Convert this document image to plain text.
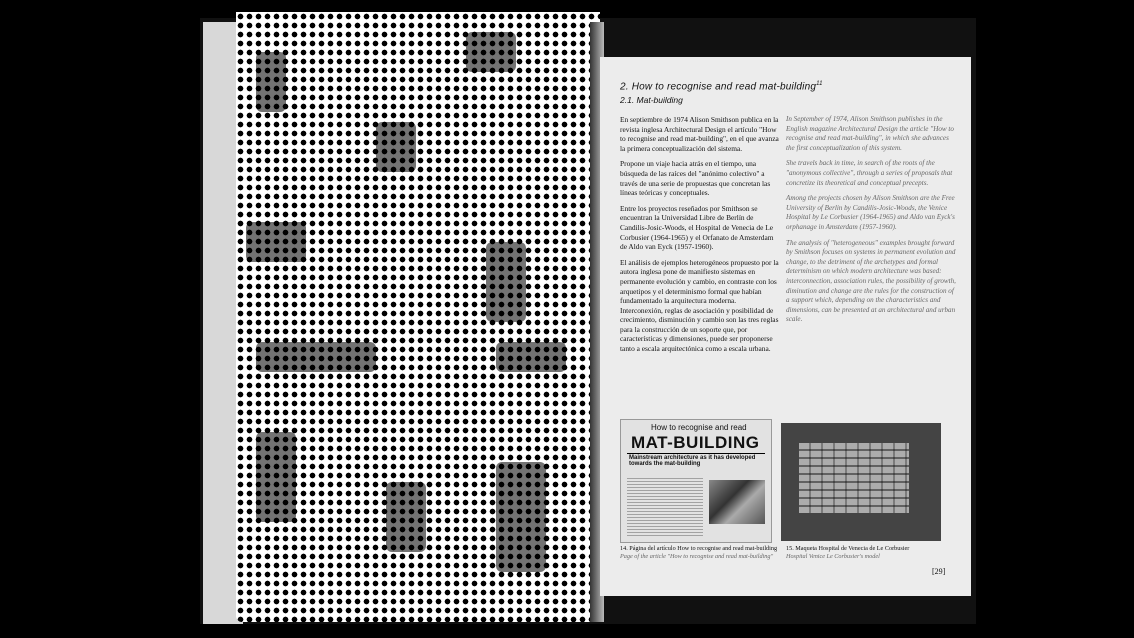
2. How to recognise and read mat-building$^{11}$
2.1. Mat-building

En septiembre de 1974 Alison Smithson publica en la revista inglesa Architectural Design el artículo "How to recognise and read mat-building", en el que avanza la primera conceptualización del sistema.

Propone un viaje hacia atrás en el tiempo, una búsqueda de las raíces del "anónimo colectivo" a través de una serie de propuestas que concretan las líneas teóricas y conceptuales.

Entre los proyectos reseñados por Smithson se encuentran la Universidad Libre de Berlín de Candilis-Josic-Woods, el Hospital de Venecia de Le Corbusier (1964-1965) y el Orfanato de Amsterdam de Aldo van Eyck (1957-1960).

El análisis de ejemplos heterogéneos propuesto por la autora inglesa pone de manifiesto sistemas en permanente evolución y cambio, en contraste con los arquetipos y el determinismo formal que habían fundamentado la arquitectura moderna. Interconexión, reglas de asociación y posibilidad de crecimiento, disminución y cambio son las tres reglas para la construcción de un soporte que, por características y dimensiones, puede ser proponerse tanto a escala arquitectónica como a escala urbana.

In September of 1974, Alison Smithson publishes in the English magazine Architectural Design the article "How to recognise and read mat-building", in which she advances the first conceptualization of this system.

She travels back in time, in search of the roots of the "anonymous collective", through a series of proposals that concretize its theoretical and conceptual precepts.

Among the projects chosen by Alison Smithson are the Free University of Berlin by Candilis-Josic-Woods, the Venice Hospital by Le Corbusier (1964-1965) and Aldo van Eyck's orphanage in Amsterdam (1957-1960).

The analysis of "heterogeneous" examples brought forward by Smithson focuses on systems in permanent evolution and change, to the detriment of the archetypes and formal determinism on which modern architecture was based: interconnection, association rules, the possibility of growth, diminution and change are the rules for the construction of a support which, depending on the characteristics and dimensions, can be presented at an architectural and urban scale.

How to recognise and read
MAT-BUILDING
Mainstream architecture as it has developed towards the mat-building
14. Página del artículo How to recognise and read mat-building
Page of the article "How to recognise and read mat-building"
15. Maqueta Hospital de Venecia de Le Corbusier
Hospital Venice Le Corbusier's model
[29]
